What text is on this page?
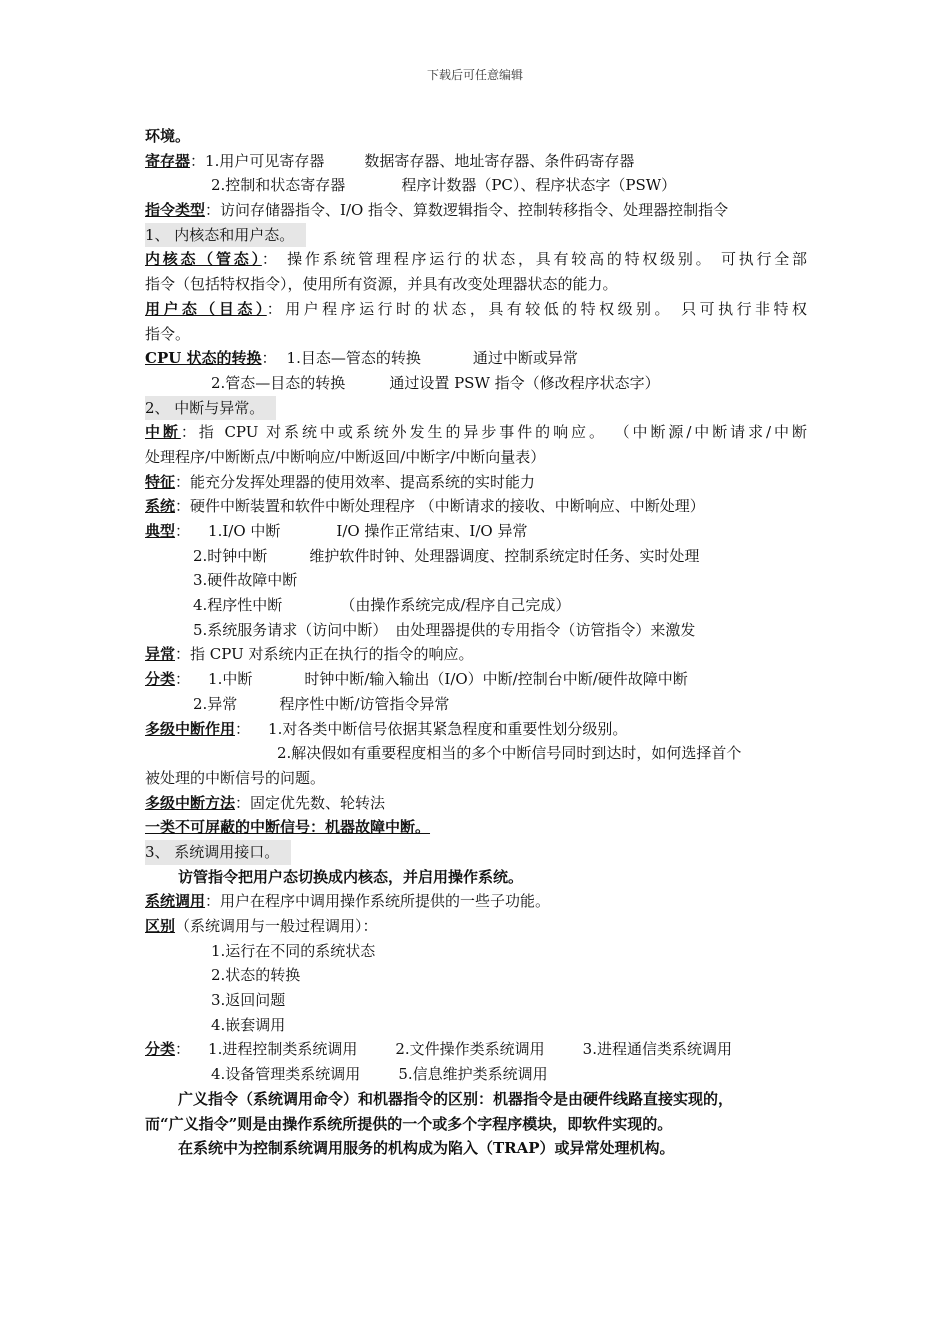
下载后可任意编辑
环境。
寄存器：1.用户可见寄存器	数据寄存器、地址寄存器、条件码寄存器
2.控制和状态寄存器	程序计数器（PC）、程序状态字（PSW）
指令类型：访问存储器指令、I/O 指令、算数逻辑指令、控制转移指令、处理器控制指令
1、 内核态和用户态。
内核态（管态）： 操作系统管理程序运行的状态，具有较高的特权级别。 可执行全部
指令（包括特权指令），使用所有资源，并具有改变处理器状态的能力。
用户态（目态）：用户程序运行时的状态，具有较低的特权级别。 只可执行非特权
指令。
CPU 状态的转换： 1.目态—管态的转换	通过中断或异常
2.管态—目态的转换	通过设置 PSW 指令（修改程序状态字）
2、 中断与异常。
中断：指 CPU 对系统中或系统外发生的异步事件的响应。 （中断源/中断请求/中断
处理程序/中断断点/中断响应/中断返回/中断字/中断向量表）
特征：能充分发挥处理器的使用效率、提高系统的实时能力
系统：硬件中断装置和软件中断处理程序 （中断请求的接收、中断响应、中断处理）
典型： 1.I/O 中断	I/O 操作正常结束、I/O 异常
2.时钟中断	维护软件时钟、处理器调度、控制系统定时任务、实时处理
3.硬件故障中断
4.程序性中断	（由操作系统完成/程序自己完成）
5.系统服务请求（访问中断） 由处理器提供的专用指令（访管指令）来激发
异常：指 CPU 对系统内正在执行的指令的响应。
分类： 1.中断	时钟中断/输入输出（I/O）中断/控制台中断/硬件故障中断
2.异常	程序性中断/访管指令异常
多级中断作用： 1.对各类中断信号依据其紧急程度和重要性划分级别。
2.解决假如有重要程度相当的多个中断信号同时到达时，如何选择首个
被处理的中断信号的问题。
多级中断方法：固定优先数、轮转法
一类不可屏蔽的中断信号：机器故障中断。
3、 系统调用接口。
访管指令把用户态切换成内核态，并启用操作系统。
系统调用：用户在程序中调用操作系统所提供的一些子功能。
区别（系统调用与一般过程调用）：
1.运行在不同的系统状态
2.状态的转换
3.返回问题
4.嵌套调用
分类： 1.进程控制类系统调用	2.文件操作类系统调用	3.进程通信类系统调用
4.设备管理类系统调用	5.信息维护类系统调用
广义指令（系统调用命令）和机器指令的区别：机器指令是由硬件线路直接实现的，
而“广义指令”则是由操作系统所提供的一个或多个字程序模块，即软件实现的。
在系统中为控制系统调用服务的机构成为陷入（TRAP）或异常处理机构。
